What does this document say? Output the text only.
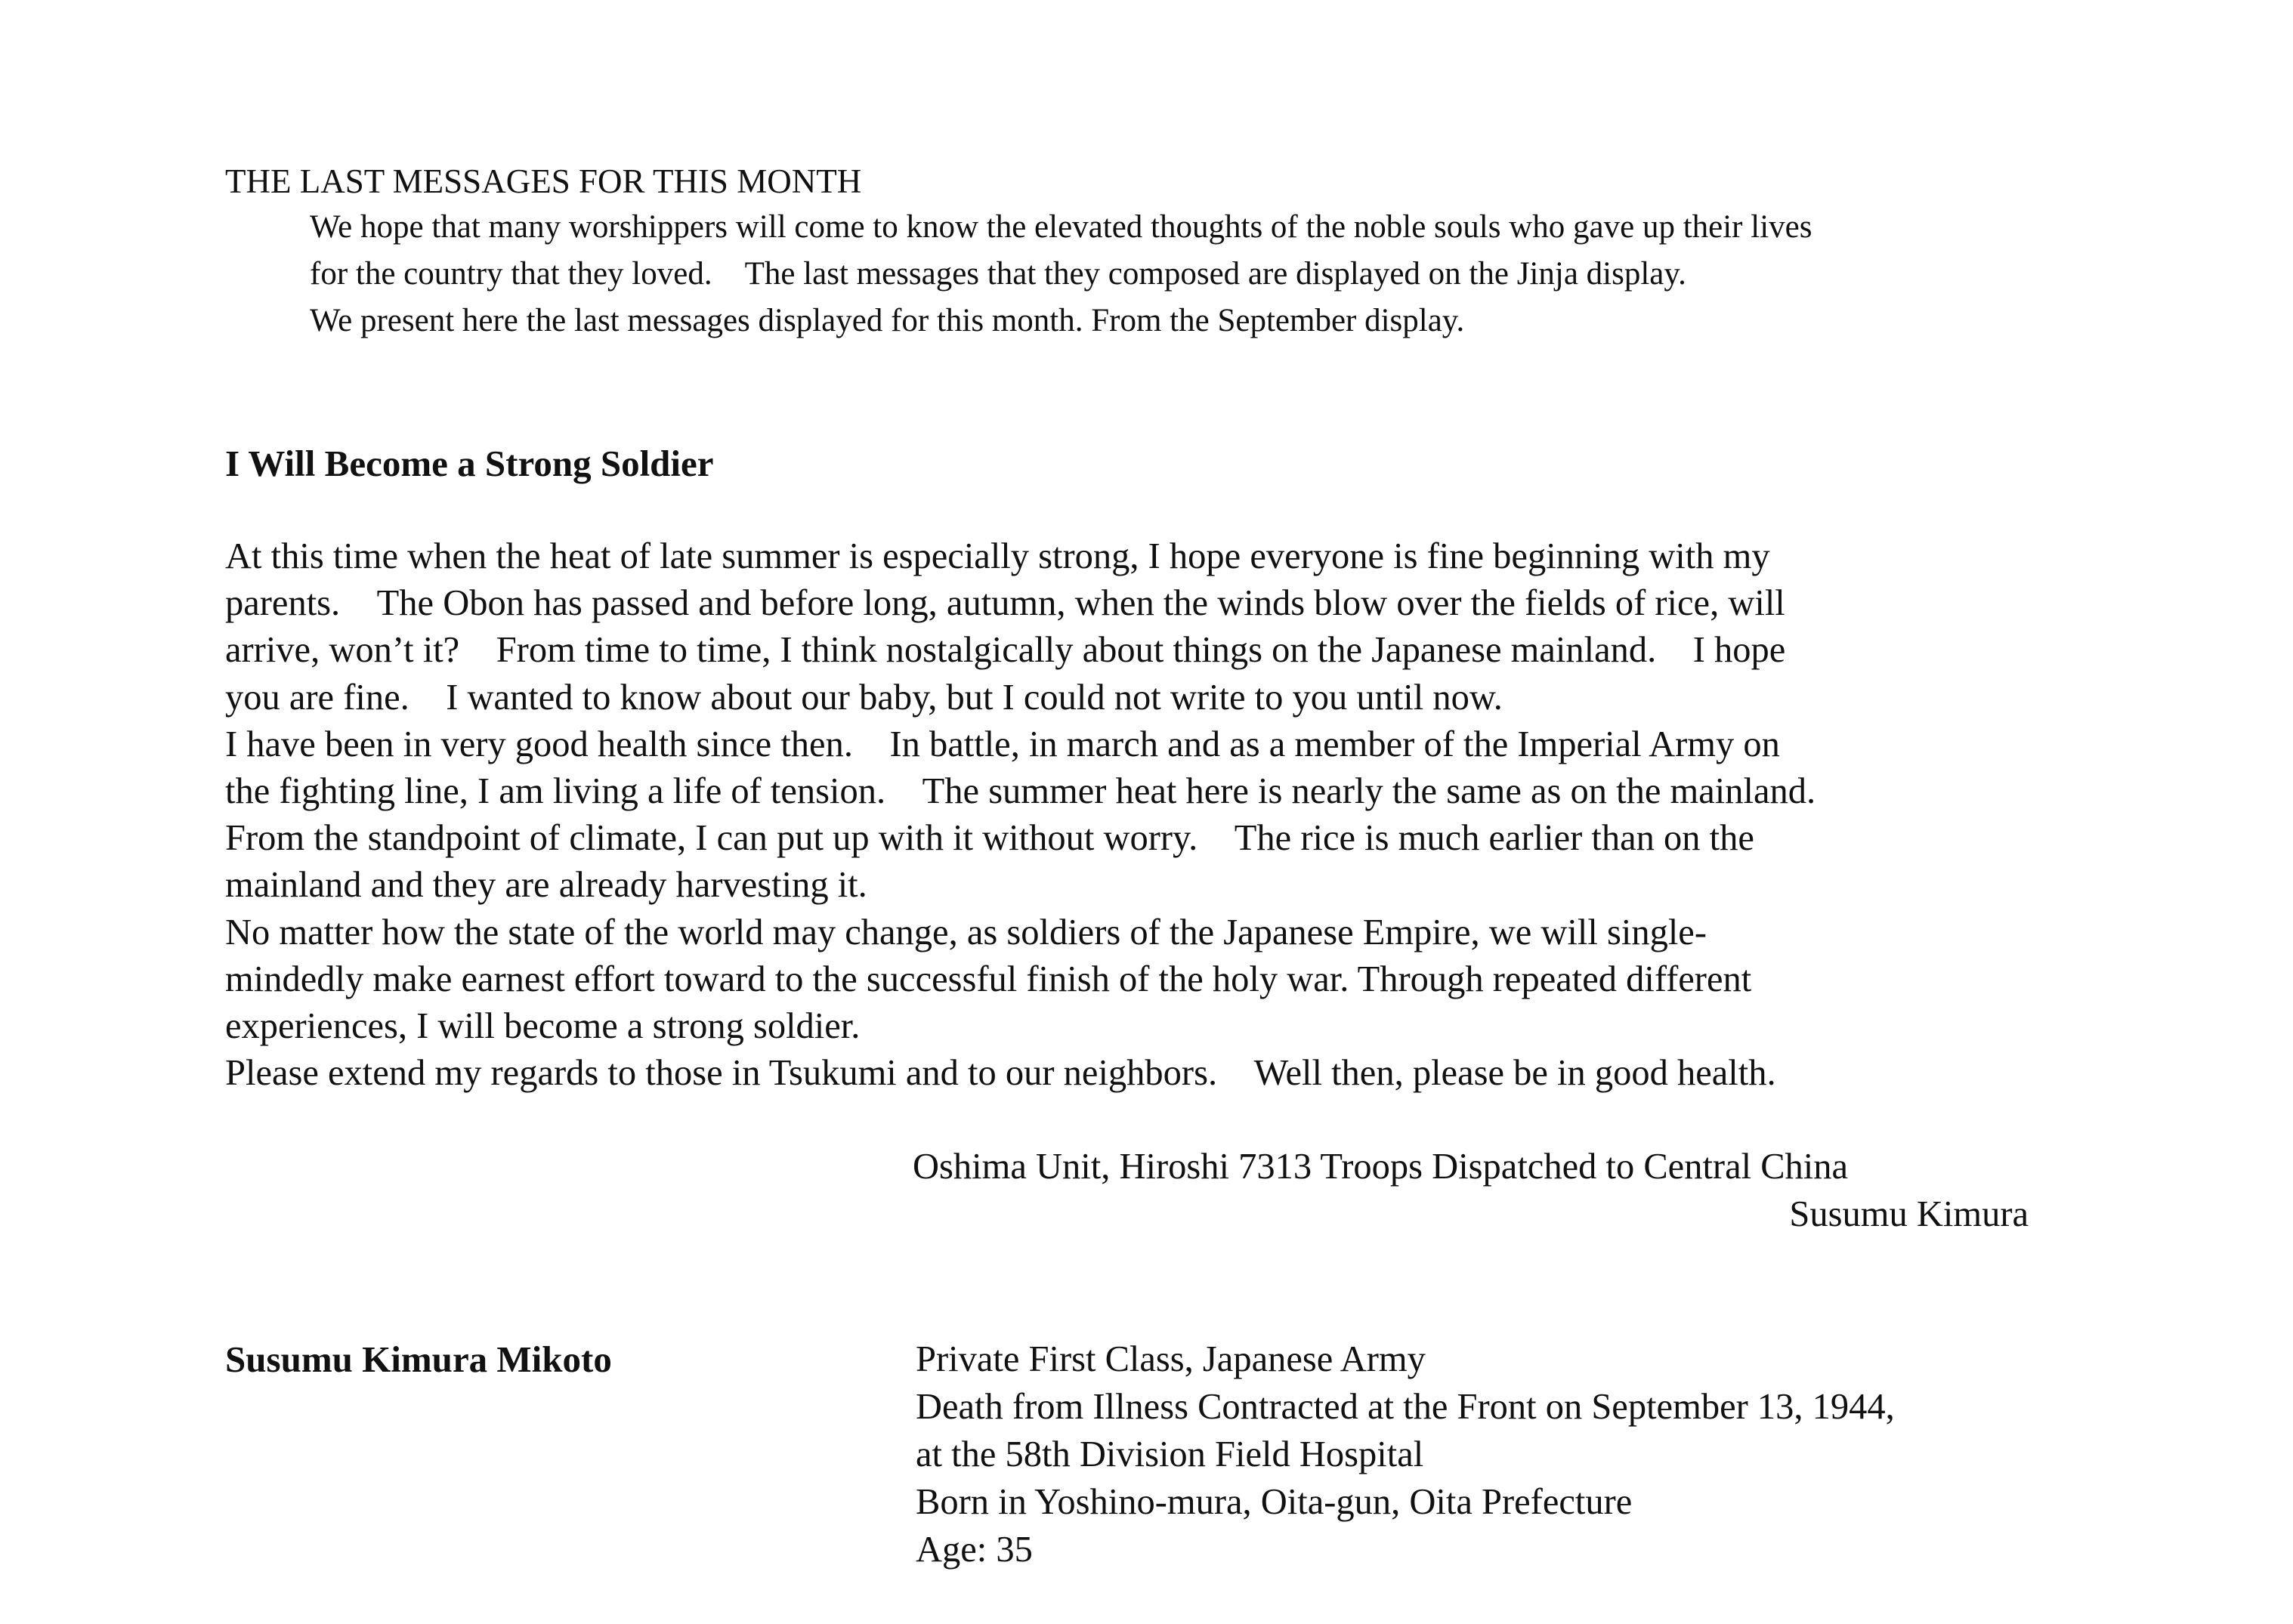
THE LAST MESSAGES FOR THIS MONTH
We hope that many worshippers will come to know the elevated thoughts of the noble souls who gave up their lives
for the country that they loved.　The last messages that they composed are displayed on the Jinja display.
We present here the last messages displayed for this month. From the September display.
I Will Become a Strong Soldier
At this time when the heat of late summer is especially strong, I hope everyone is fine beginning with my
parents.　The Obon has passed and before long, autumn, when the winds blow over the fields of rice, will
arrive, won’t it?　From time to time, I think nostalgically about things on the Japanese mainland.　I hope
you are fine.　I wanted to know about our baby, but I could not write to you until now.
I have been in very good health since then.　In battle, in march and as a member of the Imperial Army on
the fighting line, I am living a life of tension.　The summer heat here is nearly the same as on the mainland.
From the standpoint of climate, I can put up with it without worry.　The rice is much earlier than on the
mainland and they are already harvesting it.
No matter how the state of the world may change, as soldiers of the Japanese Empire, we will single-
mindedly make earnest effort toward to the successful finish of the holy war. Through repeated different
experiences, I will become a strong soldier.
Please extend my regards to those in Tsukumi and to our neighbors.　Well then, please be in good health.
Oshima Unit, Hiroshi 7313 Troops Dispatched to Central China
Susumu Kimura
Susumu Kimura Mikoto	Private First Class, Japanese Army
Death from Illness Contracted at the Front on September 13, 1944,
at the 58th Division Field Hospital
Born in Yoshino-mura, Oita-gun, Oita Prefecture
Age: 35
